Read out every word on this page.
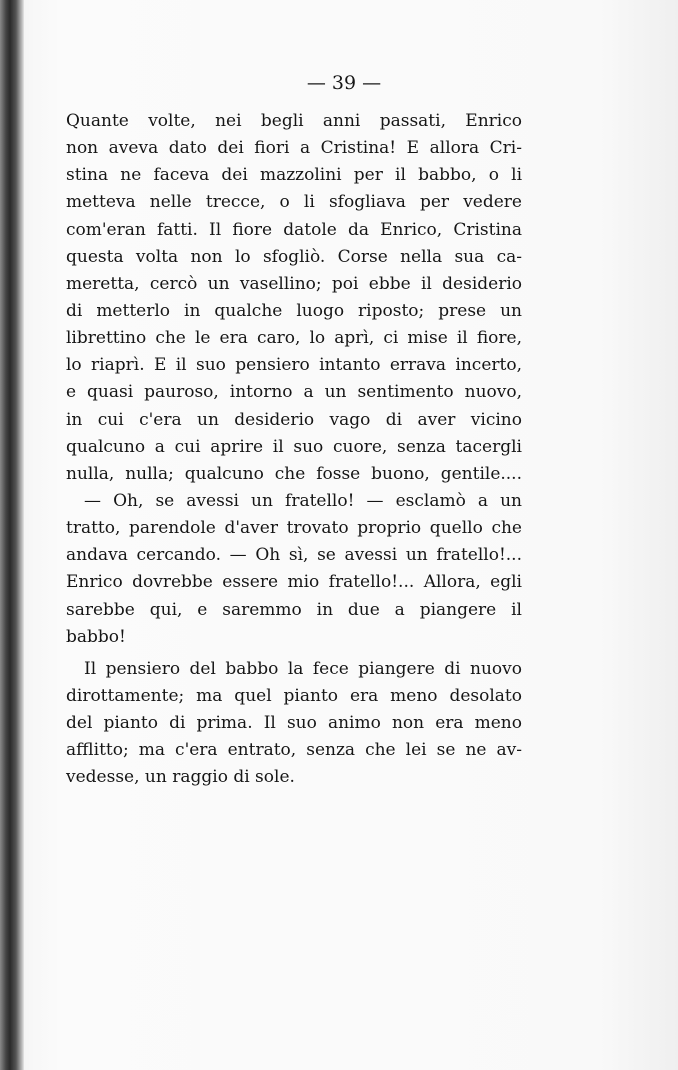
— 39 —
Quante volte, nei begli anni passati, Enrico
non aveva dato dei fiori a Cristina! E allora Cri-
stina ne faceva dei mazzolini per il babbo, o li
metteva nelle trecce, o li sfogliava per vedere
com'eran fatti. Il fiore datole da Enrico, Cristina
questa volta non lo sfogliò. Corse nella sua ca-
meretta, cercò un vasellino; poi ebbe il desiderio
di metterlo in qualche luogo riposto; prese un
librettino che le era caro, lo aprì, ci mise il fiore,
lo riaprì. E il suo pensiero intanto errava incerto,
e quasi pauroso, intorno a un sentimento nuovo,
in cui c'era un desiderio vago di aver vicino
qualcuno a cui aprire il suo cuore, senza tacergli
nulla, nulla; qualcuno che fosse buono, gentile....
— Oh, se avessi un fratello! — esclamò a un
tratto, parendole d'aver trovato proprio quello che
andava cercando. — Oh sì, se avessi un fratello!...
Enrico dovrebbe essere mio fratello!... Allora, egli
sarebbe qui, e saremmo in due a piangere il
babbo!
Il pensiero del babbo la fece piangere di nuovo
dirottamente; ma quel pianto era meno desolato
del pianto di prima. Il suo animo non era meno
afflitto; ma c'era entrato, senza che lei se ne av-
vedesse, un raggio di sole.
